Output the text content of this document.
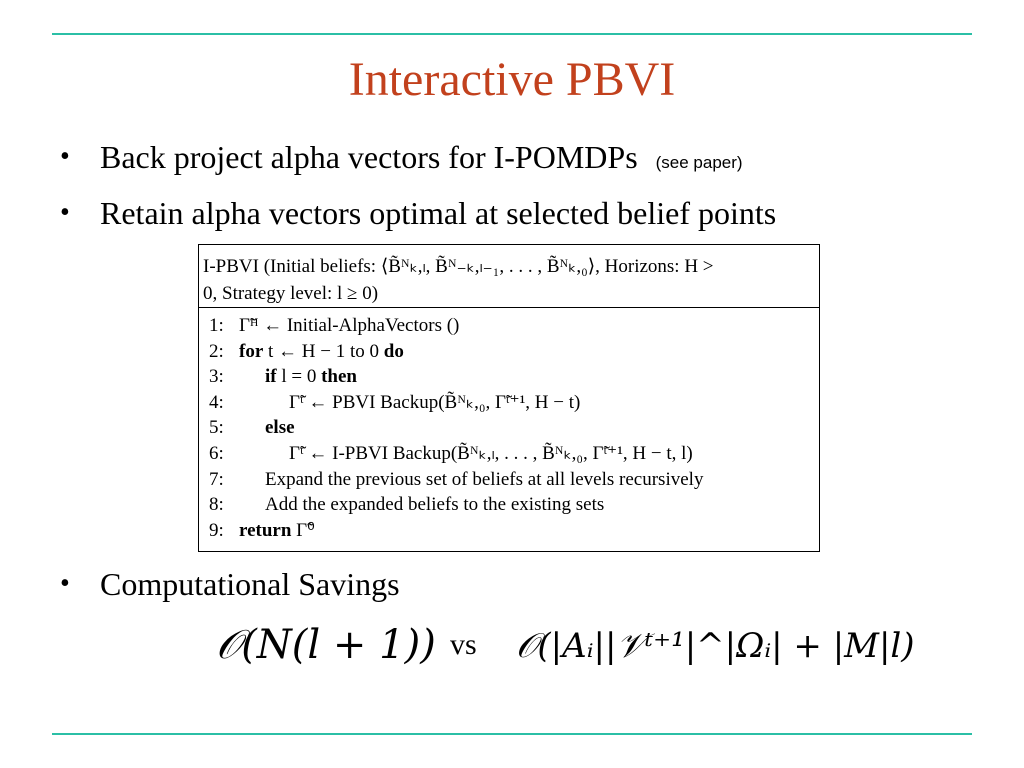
Interactive PBVI
• Back project alpha vectors for I-POMDPs (see paper)
• Retain alpha vectors optimal at selected belief points
I-PBVI (Initial beliefs: ⟨B̃ᴺₖ,ₗ, B̃ᴺ₋ₖ,ₗ₋₁, . . . , B̃ᴺₖ,₀⟩, Horizons: H >
0, Strategy level: l ≥ 0)
1: Γ̃ᴴ ← Initial-AlphaVectors ()
2: for t ← H − 1 to 0 do
3: if l = 0 then
4:	Γ̃ᵗ ← PBVI Backup(B̃ᴺₖ,₀, Γ̃ᵗ⁺¹, H − t)
5: else
6:	Γ̃ᵗ ← I-PBVI Backup(B̃ᴺₖ,ₗ, . . . , B̃ᴺₖ,₀, Γ̃ᵗ⁺¹, H − t, l)
7: Expand the previous set of beliefs at all levels recursively
8: Add the expanded beliefs to the existing sets
9: return Γ̃⁰
• Computational Savings
𝒪(N(l + 1)) vs 𝒪(|Aᵢ||𝒱ᵗ⁺¹|^|Ωᵢ| + |M|l)
